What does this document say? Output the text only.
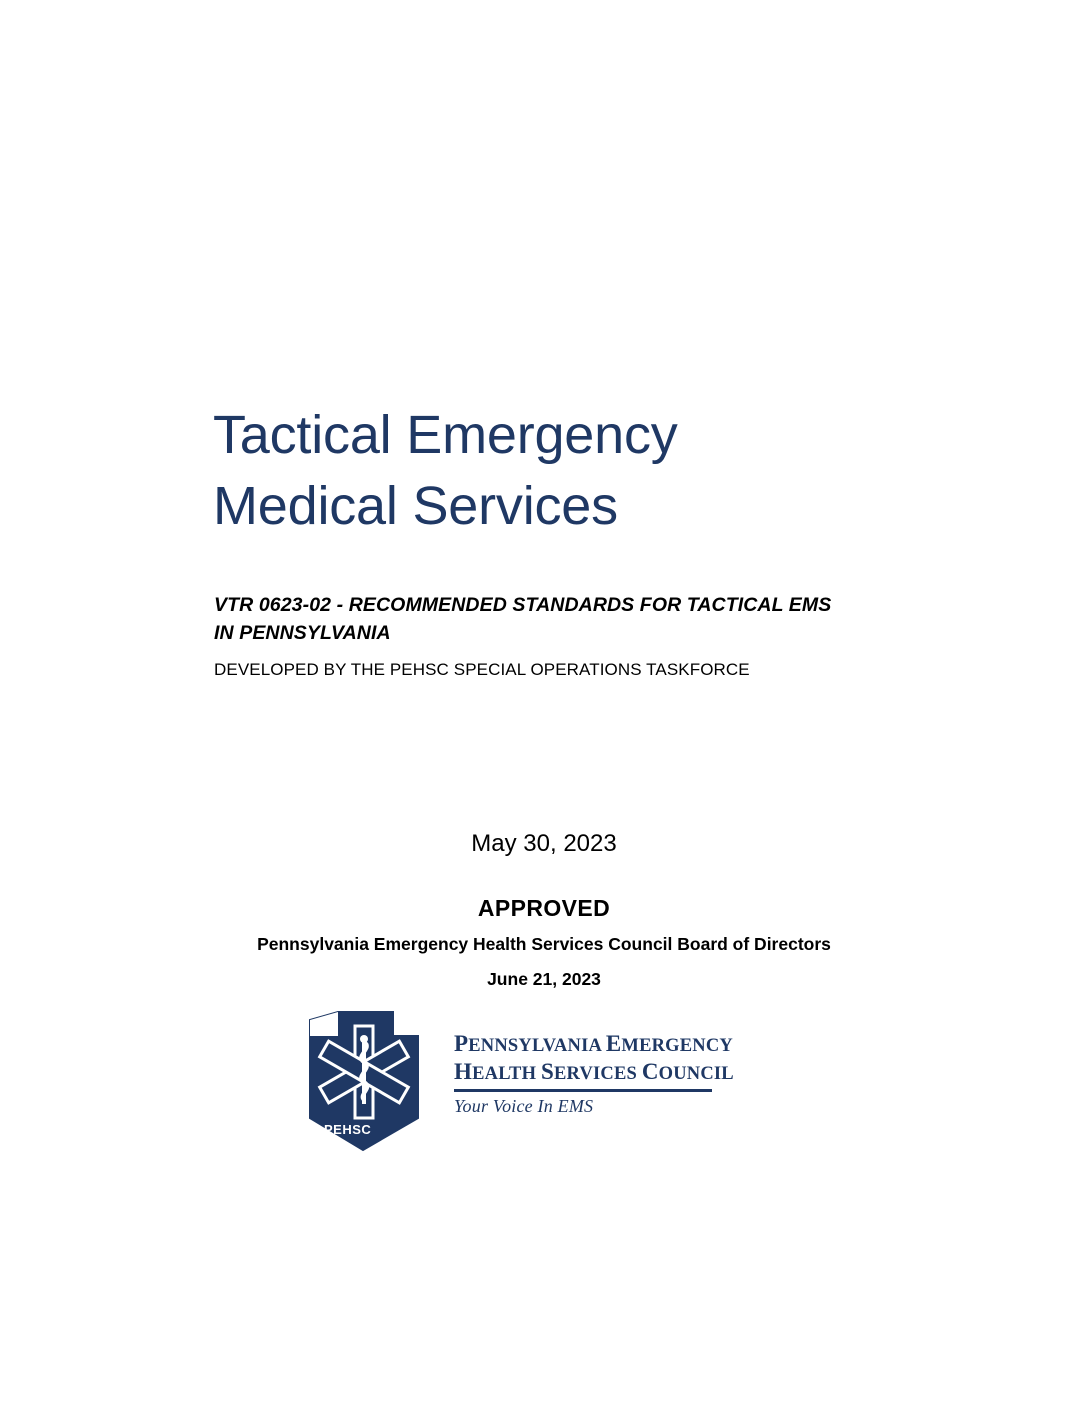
Tactical Emergency
Medical Services
VTR 0623-02 - RECOMMENDED STANDARDS FOR TACTICAL EMS
IN PENNSYLVANIA
DEVELOPED BY THE PEHSC SPECIAL OPERATIONS TASKFORCE
May 30, 2023
APPROVED
Pennsylvania Emergency Health Services Council Board of Directors
June 21, 2023
PEHSC
PENNSYLVANIA EMERGENCY
HEALTH SERVICES COUNCIL
Your Voice In EMS
